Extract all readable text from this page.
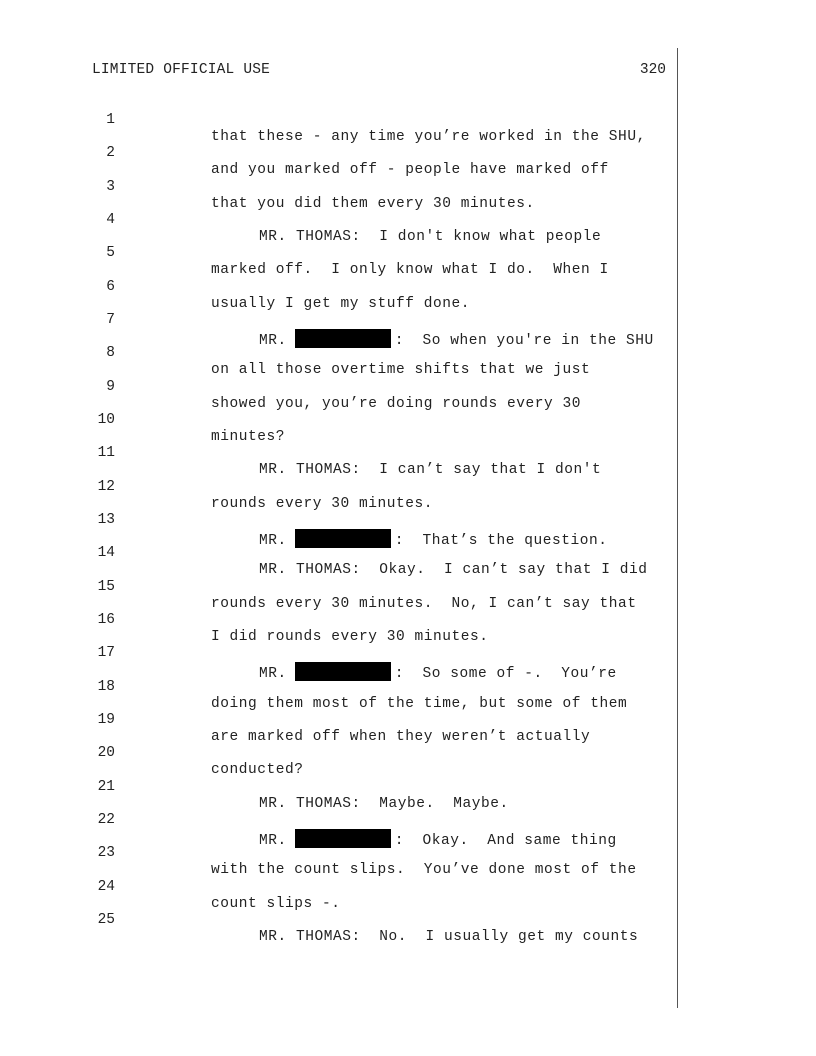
LIMITED OFFICIAL USE	320

1

that these - any time you’re worked in the SHU,

2

and you marked off - people have marked off

3

that you did them every 30 minutes.

4

MR. THOMAS:  I don't know what people

5

marked off.  I only know what I do.  When I

6

usually I get my stuff done.

7

MR.	:  So when you're in the SHU

8

on all those overtime shifts that we just

9

showed you, you’re doing rounds every 30

10

minutes?

11

MR. THOMAS:  I can’t say that I don't

12

rounds every 30 minutes.

13

MR.	:  That’s the question.

14

MR. THOMAS:  Okay.  I can’t say that I did

15

rounds every 30 minutes.  No, I can’t say that

16

I did rounds every 30 minutes.

17

MR.	:  So some of -.  You’re

18

doing them most of the time, but some of them

19

are marked off when they weren’t actually

20

conducted?

21

MR. THOMAS:  Maybe.  Maybe.

22

MR.	:  Okay.  And same thing

23

with the count slips.  You’ve done most of the

24

count slips -.

25

MR. THOMAS:  No.  I usually get my counts
